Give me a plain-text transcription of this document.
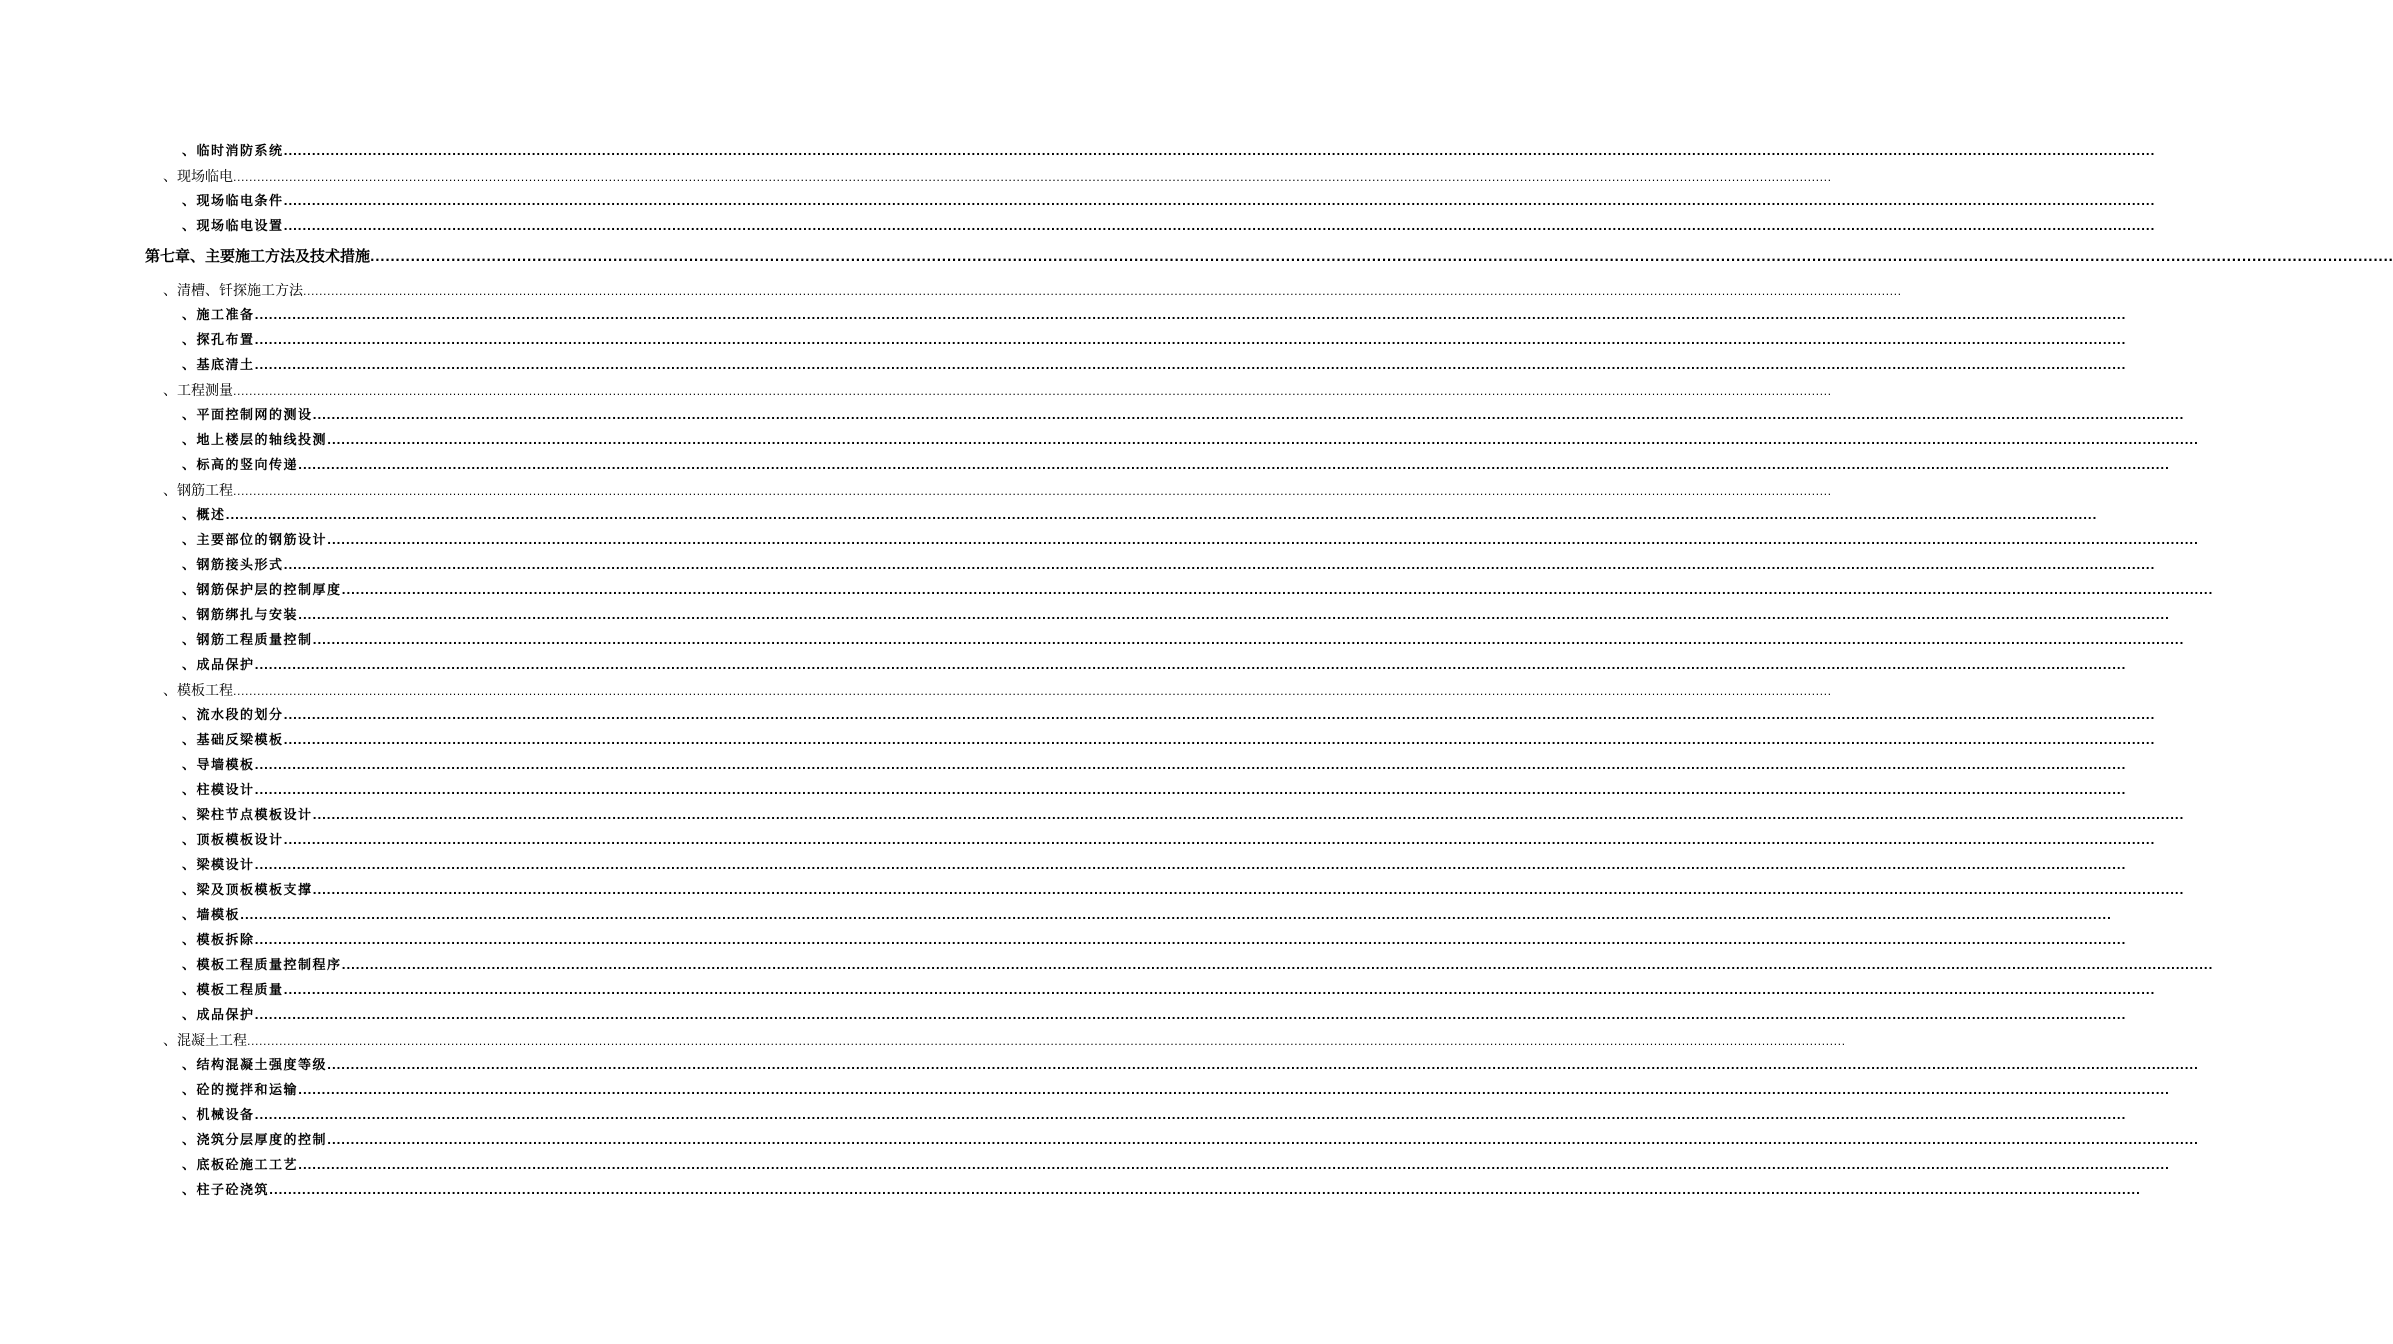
、临时消防系统 ................................................................................................................................................................................................................................................................................................................................................................................................................
、现场临电 ................................................................................................................................................................................................................................................................................................................................................................................................................
、现场临电条件 ................................................................................................................................................................................................................................................................................................................................................................................................................
、现场临电设置 ................................................................................................................................................................................................................................................................................................................................................................................................................
第七章、主要施工方法及技术措施 ................................................................................................................................................................................................................................................................................................................................................................................................................
、清槽、钎探施工方法 ................................................................................................................................................................................................................................................................................................................................................................................................................
、施工准备 ................................................................................................................................................................................................................................................................................................................................................................................................................
、探孔布置 ................................................................................................................................................................................................................................................................................................................................................................................................................
、基底清土 ................................................................................................................................................................................................................................................................................................................................................................................................................
、工程测量 ................................................................................................................................................................................................................................................................................................................................................................................................................
、平面控制网的测设 ................................................................................................................................................................................................................................................................................................................................................................................................................
、地上楼层的轴线投测 ................................................................................................................................................................................................................................................................................................................................................................................................................
、标高的竖向传递 ................................................................................................................................................................................................................................................................................................................................................................................................................
、钢筋工程 ................................................................................................................................................................................................................................................................................................................................................................................................................
、概述 ................................................................................................................................................................................................................................................................................................................................................................................................................
、主要部位的钢筋设计 ................................................................................................................................................................................................................................................................................................................................................................................................................
、钢筋接头形式 ................................................................................................................................................................................................................................................................................................................................................................................................................
、钢筋保护层的控制厚度 ................................................................................................................................................................................................................................................................................................................................................................................................................
、钢筋绑扎与安装 ................................................................................................................................................................................................................................................................................................................................................................................................................
、钢筋工程质量控制 ................................................................................................................................................................................................................................................................................................................................................................................................................
、成品保护 ................................................................................................................................................................................................................................................................................................................................................................................................................
、模板工程 ................................................................................................................................................................................................................................................................................................................................................................................................................
、流水段的划分 ................................................................................................................................................................................................................................................................................................................................................................................................................
、基础反梁模板 ................................................................................................................................................................................................................................................................................................................................................................................................................
、导墙模板 ................................................................................................................................................................................................................................................................................................................................................................................................................
、柱模设计 ................................................................................................................................................................................................................................................................................................................................................................................................................
、梁柱节点模板设计 ................................................................................................................................................................................................................................................................................................................................................................................................................
、顶板模板设计 ................................................................................................................................................................................................................................................................................................................................................................................................................
、梁模设计 ................................................................................................................................................................................................................................................................................................................................................................................................................
、梁及顶板模板支撑 ................................................................................................................................................................................................................................................................................................................................................................................................................
、墙模板 ................................................................................................................................................................................................................................................................................................................................................................................................................
、模板拆除 ................................................................................................................................................................................................................................................................................................................................................................................................................
、模板工程质量控制程序 ................................................................................................................................................................................................................................................................................................................................................................................................................
、模板工程质量 ................................................................................................................................................................................................................................................................................................................................................................................................................
、成品保护 ................................................................................................................................................................................................................................................................................................................................................................................................................
、混凝土工程 ................................................................................................................................................................................................................................................................................................................................................................................................................
、结构混凝土强度等级 ................................................................................................................................................................................................................................................................................................................................................................................................................
、砼的搅拌和运输 ................................................................................................................................................................................................................................................................................................................................................................................................................
、机械设备 ................................................................................................................................................................................................................................................................................................................................................................................................................
、浇筑分层厚度的控制 ................................................................................................................................................................................................................................................................................................................................................................................................................
、底板砼施工工艺 ................................................................................................................................................................................................................................................................................................................................................................................................................
、柱子砼浇筑 ................................................................................................................................................................................................................................................................................................................................................................................................................
